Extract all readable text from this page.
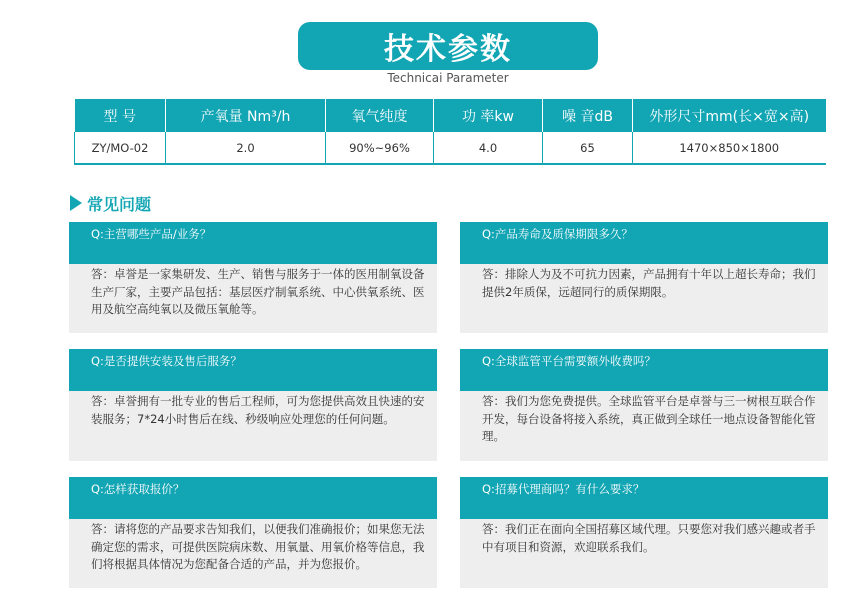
技术参数
Technicai Parameter
型 号	产氧量 Nm³/h	氧气纯度	功 率kw	噪 音dB	外形尺寸mm(长×宽×高)
ZY/MO-02	2.0	90%~96%	4.0	65	1470×850×1800
常见问题
Q:主营哪些产品/业务？
答：卓誉是一家集研发、生产、销售与服务于一体的医用制氧设备生产厂家，主要产品包括：基层医疗制氧系统、中心供氧系统、医用及航空高纯氧以及微压氧舱等。
Q:产品寿命及质保期限多久？
答：排除人为及不可抗力因素，产品拥有十年以上超长寿命；我们提供2年质保，远超同行的质保期限。
Q:是否提供安装及售后服务？
答：卓誉拥有一批专业的售后工程师，可为您提供高效且快速的安装服务；7*24小时售后在线、秒级响应处理您的任何问题。
Q:全球监管平台需要额外收费吗？
答：我们为您免费提供。全球监管平台是卓誉与三一树根互联合作开发，每台设备将接入系统，真正做到全球任一地点设备智能化管理。
Q:怎样获取报价？
答：请将您的产品要求告知我们，以便我们准确报价；如果您无法确定您的需求，可提供医院病床数、用氧量、用氧价格等信息，我们将根据具体情况为您配备合适的产品，并为您报价。
Q:招募代理商吗？有什么要求？
答：我们正在面向全国招募区域代理。只要您对我们感兴趣或者手中有项目和资源，欢迎联系我们。
